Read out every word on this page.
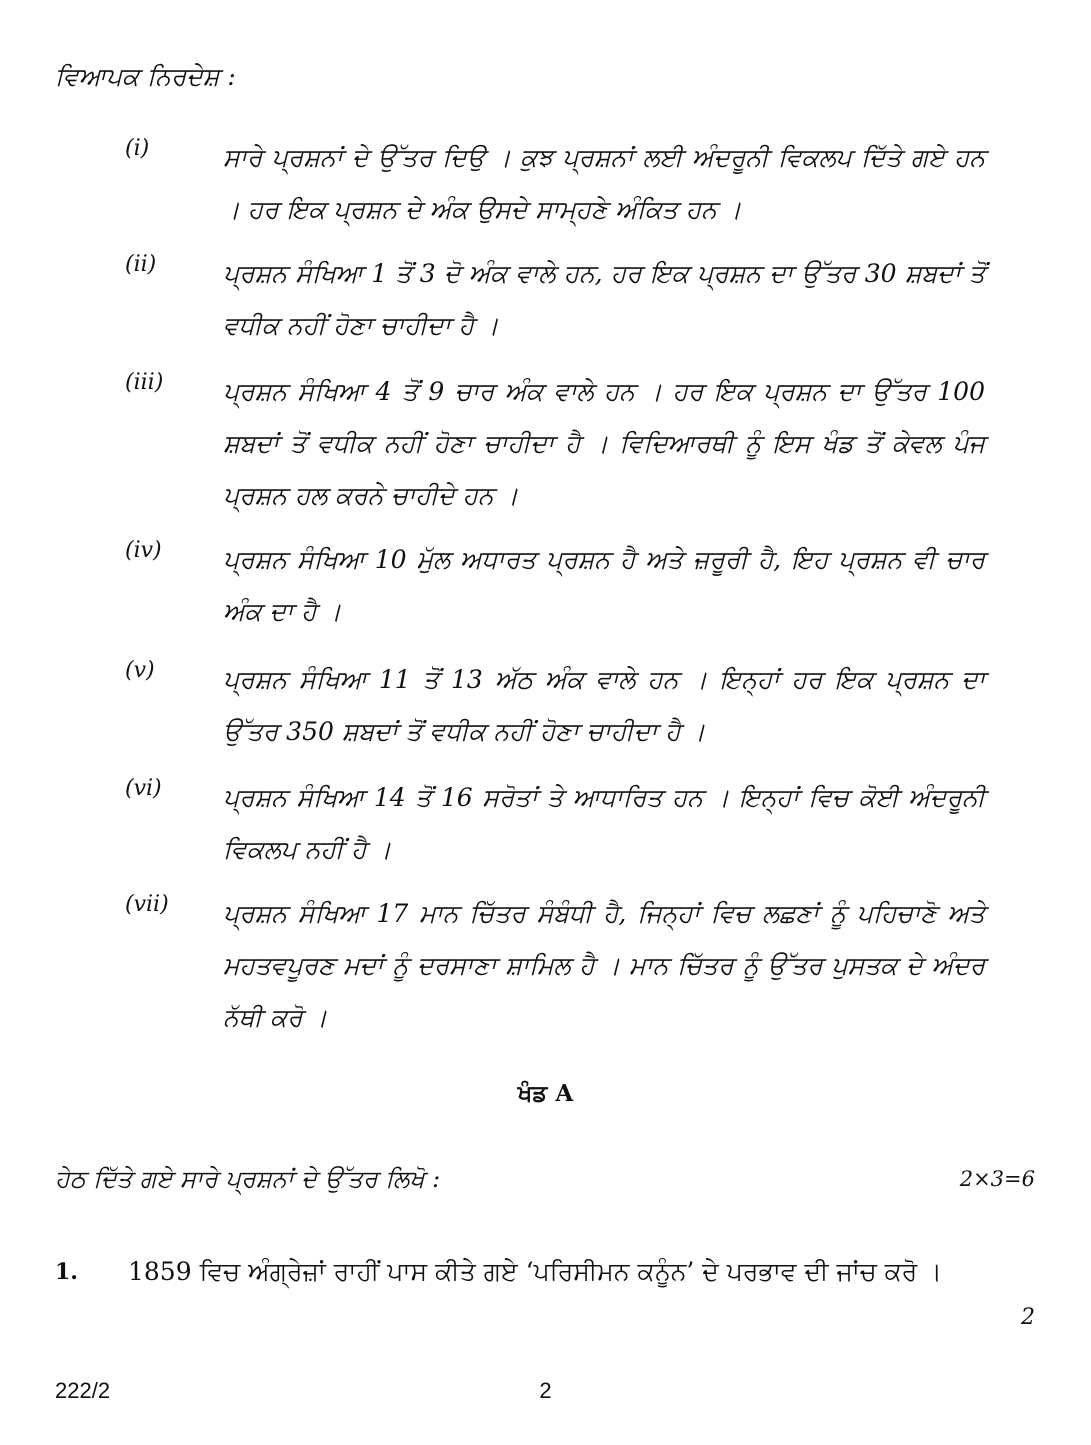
ਵਿਆਪਕ ਨਿਰਦੇਸ਼ :
(i)	ਸਾਰੇ ਪ੍ਰਸ਼ਨਾਂ ਦੇ ਉੱਤਰ ਦਿਉ । ਕੁਝ ਪ੍ਰਸ਼ਨਾਂ ਲਈ ਅੰਦਰੂਨੀ ਵਿਕਲਪ ਦਿੱਤੇ ਗਏ ਹਨ । ਹਰ ਇਕ ਪ੍ਰਸ਼ਨ ਦੇ ਅੰਕ ਉਸਦੇ ਸਾਮ੍ਹਣੇ ਅੰਕਿਤ ਹਨ ।
(ii)	ਪ੍ਰਸ਼ਨ ਸੰਖਿਆ 1 ਤੋਂ 3 ਦੋ ਅੰਕ ਵਾਲੇ ਹਨ, ਹਰ ਇਕ ਪ੍ਰਸ਼ਨ ਦਾ ਉੱਤਰ 30 ਸ਼ਬਦਾਂ ਤੋਂ ਵਧੀਕ ਨਹੀਂ ਹੋਣਾ ਚਾਹੀਦਾ ਹੈ ।
(iii) ਪ੍ਰਸ਼ਨ ਸੰਖਿਆ 4 ਤੋਂ 9 ਚਾਰ ਅੰਕ ਵਾਲੇ ਹਨ । ਹਰ ਇਕ ਪ੍ਰਸ਼ਨ ਦਾ ਉੱਤਰ 100 ਸ਼ਬਦਾਂ ਤੋਂ ਵਧੀਕ ਨਹੀਂ ਹੋਣਾ ਚਾਹੀਦਾ ਹੈ । ਵਿਦਿਆਰਥੀ ਨੂੰ ਇਸ ਖੰਡ ਤੋਂ ਕੇਵਲ ਪੰਜ ਪ੍ਰਸ਼ਨ ਹਲ ਕਰਨੇ ਚਾਹੀਦੇ ਹਨ ।
(iv) ਪ੍ਰਸ਼ਨ ਸੰਖਿਆ 10 ਮੁੱਲ ਅਧਾਰਤ ਪ੍ਰਸ਼ਨ ਹੈ ਅਤੇ ਜ਼ਰੂਰੀ ਹੈ, ਇਹ ਪ੍ਰਸ਼ਨ ਵੀ ਚਾਰ ਅੰਕ ਦਾ ਹੈ ।
(v)	ਪ੍ਰਸ਼ਨ ਸੰਖਿਆ 11 ਤੋਂ 13 ਅੱਠ ਅੰਕ ਵਾਲੇ ਹਨ । ਇਨ੍ਹਾਂ ਹਰ ਇਕ ਪ੍ਰਸ਼ਨ ਦਾ ਉੱਤਰ 350 ਸ਼ਬਦਾਂ ਤੋਂ ਵਧੀਕ ਨਹੀਂ ਹੋਣਾ ਚਾਹੀਦਾ ਹੈ ।
(vi) ਪ੍ਰਸ਼ਨ ਸੰਖਿਆ 14 ਤੋਂ 16 ਸਰੋਤਾਂ ਤੇ ਆਧਾਰਿਤ ਹਨ । ਇਨ੍ਹਾਂ ਵਿਚ ਕੋਈ ਅੰਦਰੂਨੀ ਵਿਕਲਪ ਨਹੀਂ ਹੈ ।
(vii) ਪ੍ਰਸ਼ਨ ਸੰਖਿਆ 17 ਮਾਨ ਚਿੱਤਰ ਸੰਬੰਧੀ ਹੈ, ਜਿਨ੍ਹਾਂ ਵਿਚ ਲਛਣਾਂ ਨੂੰ ਪਹਿਚਾਣੋ ਅਤੇ ਮਹਤਵਪੂਰਣ ਮਦਾਂ ਨੂੰ ਦਰਸਾਣਾ ਸ਼ਾਮਿਲ ਹੈ । ਮਾਨ ਚਿੱਤਰ ਨੂੰ ਉੱਤਰ ਪੁਸਤਕ ਦੇ ਅੰਦਰ ਨੱਥੀ ਕਰੋ ।
ਖੰਡ A
ਹੇਠ ਦਿੱਤੇ ਗਏ ਸਾਰੇ ਪ੍ਰਸ਼ਨਾਂ ਦੇ ਉੱਤਰ ਲਿਖੋ :	2×3=6
1. 1859 ਵਿਚ ਅੰਗ੍ਰੇਜ਼ਾਂ ਰਾਹੀਂ ਪਾਸ ਕੀਤੇ ਗਏ ‘ਪਰਿਸੀਮਨ ਕਨੂੰਨ’ ਦੇ ਪਰਭਾਵ ਦੀ ਜਾਂਚ ਕਰੋ ।
2
222/2	2
